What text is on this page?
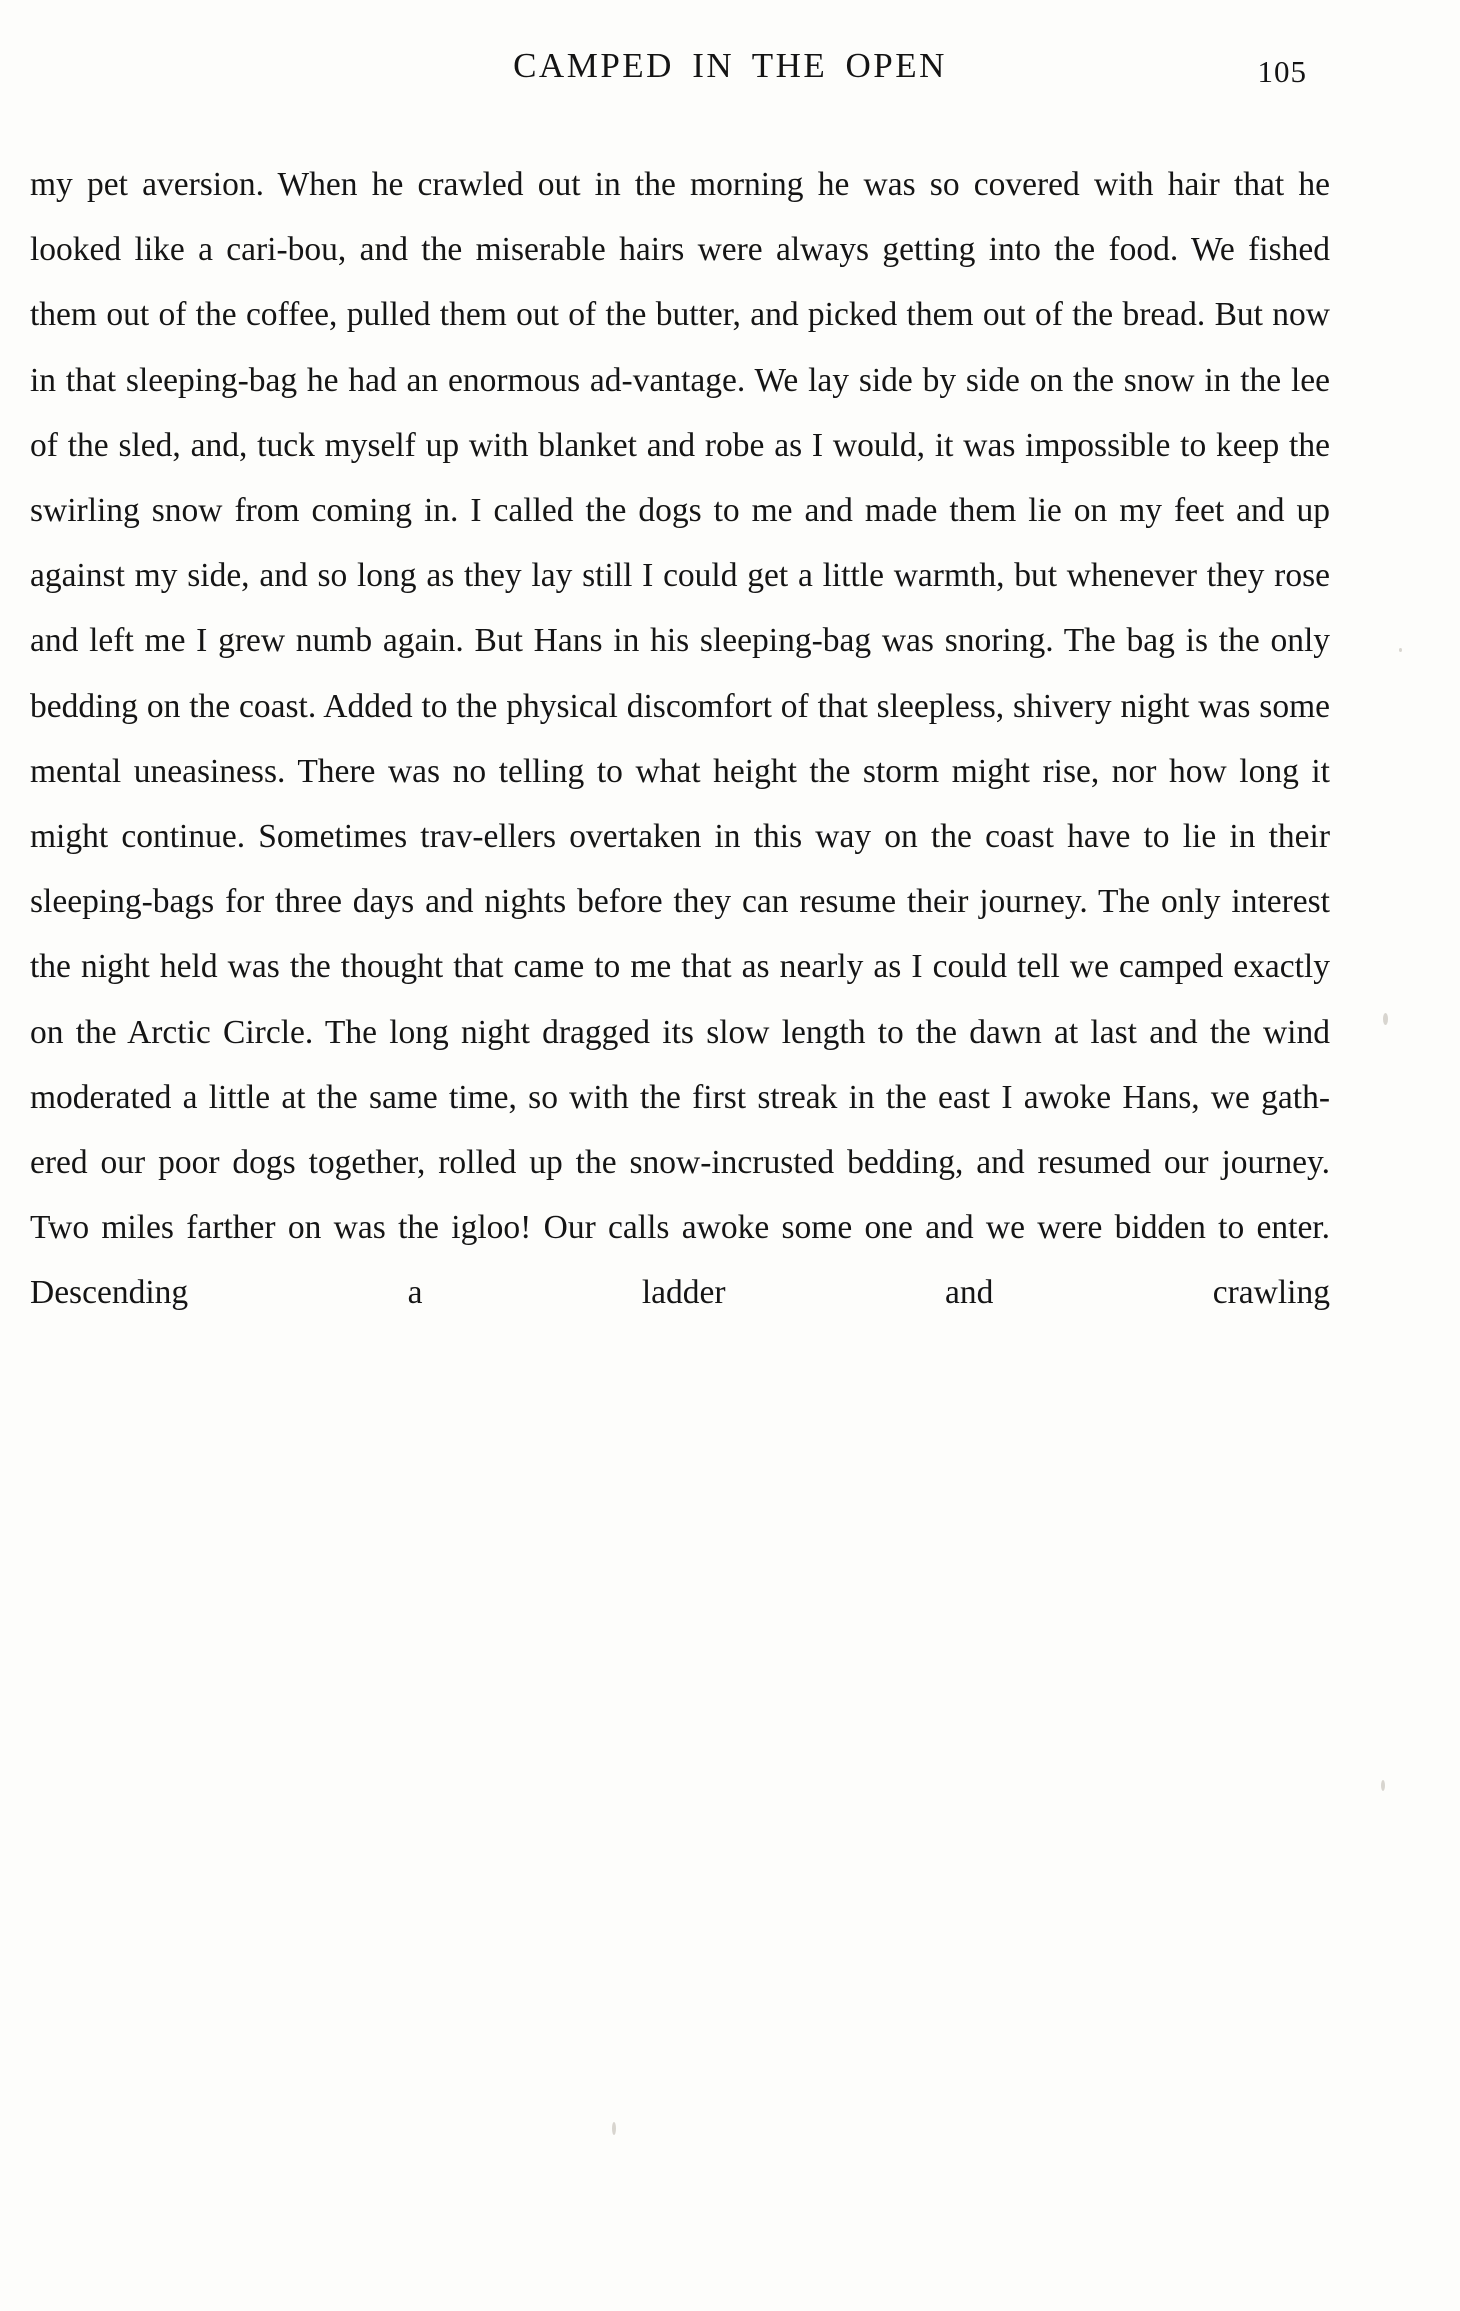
CAMPED IN THE OPEN	105

my pet aversion. When he crawled out in the morning he was so covered with hair that he looked like a cari-bou, and the miserable hairs were always getting into the food. We fished them out of the coffee, pulled them out of the butter, and picked them out of the bread. But now in that sleeping-bag he had an enormous ad-vantage. We lay side by side on the snow in the lee of the sled, and, tuck myself up with blanket and robe as I would, it was impossible to keep the swirling snow from coming in. I called the dogs to me and made them lie on my feet and up against my side, and so long as they lay still I could get a little warmth, but whenever they rose and left me I grew numb again. But Hans in his sleeping-bag was snoring. The bag is the only bedding on the coast. Added to the physical discomfort of that sleepless, shivery night was some mental uneasiness. There was no telling to what height the storm might rise, nor how long it might continue. Sometimes trav-ellers overtaken in this way on the coast have to lie in their sleeping-bags for three days and nights before they can resume their journey. The only interest the night held was the thought that came to me that as nearly as I could tell we camped exactly on the Arctic Circle. The long night dragged its slow length to the dawn at last and the wind moderated a little at the same time, so with the first streak in the east I awoke Hans, we gath-ered our poor dogs together, rolled up the snow-incrusted bedding, and resumed our journey. Two miles farther on was the igloo! Our calls awoke some one and we were bidden to enter. Descending a ladder and crawling
